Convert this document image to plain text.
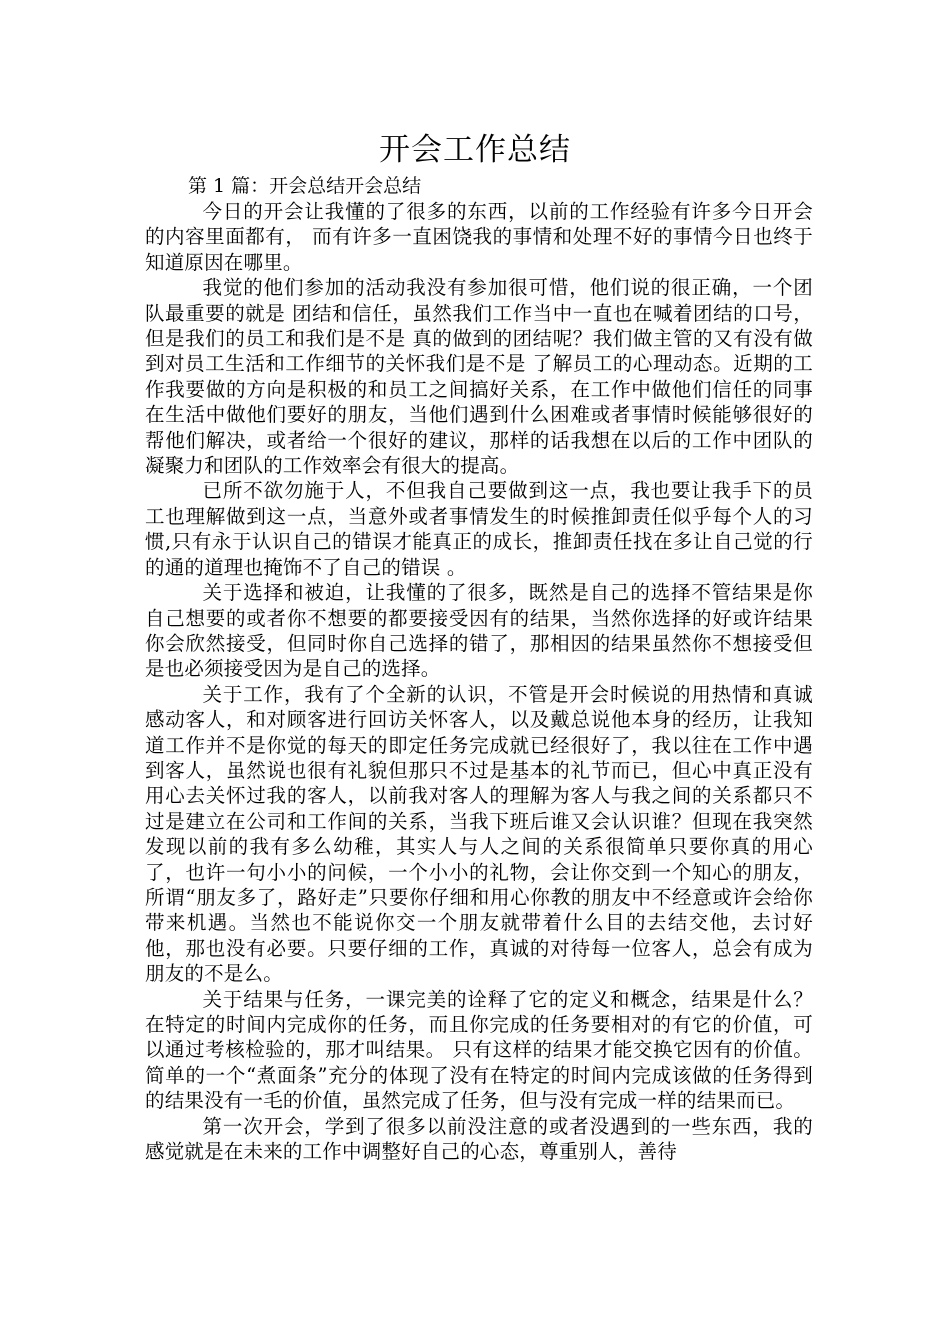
开会工作总结
第 1 篇：开会总结开会总结

今日的开会让我懂的了很多的东西，以前的工作经验有许多今日开会的内容里面都有， 而有许多一直困饶我的事情和处理不好的事情今日也终于知道原因在哪里。

我觉的他们参加的活动我没有参加很可惜，他们说的很正确，一个团队最重要的就是 团结和信任，虽然我们工作当中一直也在喊着团结的口号，但是我们的员工和我们是不是 真的做到的团结呢？我们做主管的又有没有做到对员工生活和工作细节的关怀我们是不是 了解员工的心理动态。近期的工作我要做的方向是积极的和员工之间搞好关系，在工作中做他们信任的同事在生活中做他们要好的朋友，当他们遇到什么困难或者事情时候能够很好的帮他们解决，或者给一个很好的建议，那样的话我想在以后的工作中团队的凝聚力和团队的工作效率会有很大的提高。

已所不欲勿施于人，不但我自己要做到这一点，我也要让我手下的员工也理解做到这一点，当意外或者事情发生的时候推卸责任似乎每个人的习惯,只有永于认识自己的错误才能真正的成长，推卸责任找在多让自己觉的行的通的道理也掩饰不了自己的错误 。

关于选择和被迫，让我懂的了很多，既然是自己的选择不管结果是你自己想要的或者你不想要的都要接受因有的结果，当然你选择的好或许结果你会欣然接受，但同时你自己选择的错了，那相因的结果虽然你不想接受但是也必须接受因为是自己的选择。

关于工作，我有了个全新的认识，不管是开会时候说的用热情和真诚感动客人，和对顾客进行回访关怀客人，以及戴总说他本身的经历，让我知道工作并不是你觉的每天的即定任务完成就已经很好了，我以往在工作中遇到客人，虽然说也很有礼貌但那只不过是基本的礼节而已，但心中真正没有用心去关怀过我的客人，以前我对客人的理解为客人与我之间的关系都只不过是建立在公司和工作间的关系，当我下班后谁又会认识谁？但现在我突然发现以前的我有多么幼稚，其实人与人之间的关系很简单只要你真的用心了，也许一句小小的问候，一个小小的礼物，会让你交到一个知心的朋友，所谓“朋友多了，路好走”只要你仔细和用心你教的朋友中不经意或许会给你带来机遇。当然也不能说你交一个朋友就带着什么目的去结交他，去讨好他，那也没有必要。只要仔细的工作，真诚的对待每一位客人，总会有成为朋友的不是么。

关于结果与任务，一课完美的诠释了它的定义和概念，结果是什么？在特定的时间内完成你的任务，而且你完成的任务要相对的有它的价值，可以通过考核检验的，那才叫结果。 只有这样的结果才能交换它因有的价值。简单的一个“煮面条”充分的体现了没有在特定的时间内完成该做的任务得到的结果没有一毛的价值，虽然完成了任务，但与没有完成一样的结果而已。

第一次开会，学到了很多以前没注意的或者没遇到的一些东西，我的感觉就是在未来的工作中调整好自己的心态，尊重别人，善待
